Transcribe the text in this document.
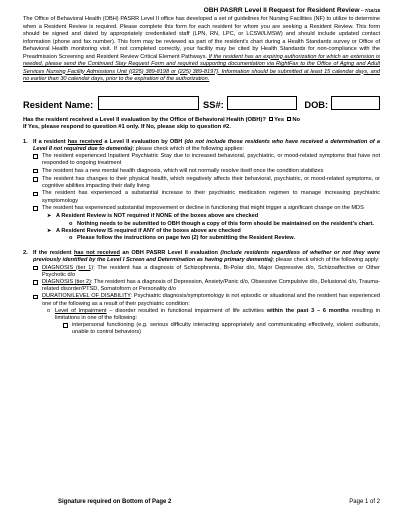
OBH PASRR Level II Request for Resident Review – 7/16/18
The Office of Behavioral Health (OBH) PASRR Level II office has developed a set of guidelines for Nursing Facilities (NF) to utilize to determine when a Resident Review is required. Please complete this form for each resident for whom you are seeking a Resident Review. This form should be signed and dated by appropriately credentialed staff (LPN, RN, LPC, or LCSW/LMSW) and should include updated contact information (phone and fax number). This form may be reviewed as part of the resident’s chart during a Health Standards survey or Office of Behavioral Health monitoring visit. If not completed correctly, your facility may be cited by Health Standards for non-compliance with the Preadmission Screening and Resident Review Critical Element Pathways. If the resident has an expiring authorization for which an extension is needed, please send the Continued Stay Request Form and required supporting documentation via RightFax to the Office of Aging and Adult Services Nursing Facility Admissions Unit ((225) 389-8198 or (225) 389-8197). Information should be submitted at least 15 calendar days, and no earlier than 30 calendar days, prior to the expiration of the authorization.
Resident Name:	SS#:	DOB:
Has the resident received a Level II evaluation by the Office of Behavioral Health (OBH)? Yes No
If Yes, please respond to question #1 only. If No, please skip to question #2.
1. If a resident has received a Level II evaluation by OBH (do not include those residents who have received a determination of a Level II not required due to dementia); please check which of the following applies:
The resident experienced Inpatient Psychiatric Stay due to increased behavioral, psychiatric, or mood-related symptoms that have not responded to ongoing treatment
The resident has a new mental health diagnosis, which will not normally resolve itself once the condition stabilizes
The resident has changes to their physical health, which negatively affects their behavioral, psychiatric, or mood-related symptoms, or cognitive abilities impacting their daily living
The resident has experienced a substantial increase to their psychiatric medication regimen to manage increasing psychiatric symptomology
The resident has experienced substantial improvement or decline in functioning that might trigger a significant change on the MDS
➤ A Resident Review is NOT required if NONE of the boxes above are checked
o Nothing needs to be submitted to OBH though a copy of this form should be maintained on the resident’s chart.
➤ A Resident Review IS required if ANY of the boxes above are checked
o Please follow the instructions on page two (2) for submitting the Resident Review.
2. If the resident has not received an OBH PASRR Level II evaluation (include residents regardless of whether or not they were previously identified by the Level I Screen and Determination as having primary dementia); please check which of the following apply:
DIAGNOSIS (tier 1): The resident has a diagnosis of Schizophrenia, Bi-Polar d/o, Major Depressive d/o, Schizoaffective or Other Psychotic d/o
DIAGNOSIS (tier 2): The resident has a diagnosis of Depression, Anxiety/Panic d/o, Obsessive Compulsive d/o, Delusional d/o, Trauma-related disorder/PTSD, Somatoform or Personality d/o
DURATION/LEVEL OF DISABILITY: Psychiatric diagnosis/symptomology is not episodic or situational and the resident has experienced one of the following as a result of their psychiatric condition:
o Level of Impairment – disorder resulted in functional impairment of life activities within the past 3 – 6 months resulting in limitations in one of the following:
interpersonal functioning (e.g. serious difficulty interacting appropriately and communicating effectively, violent outbursts, unable to control behaviors)
Signature required on Bottom of Page 2	Page 1 of 2
